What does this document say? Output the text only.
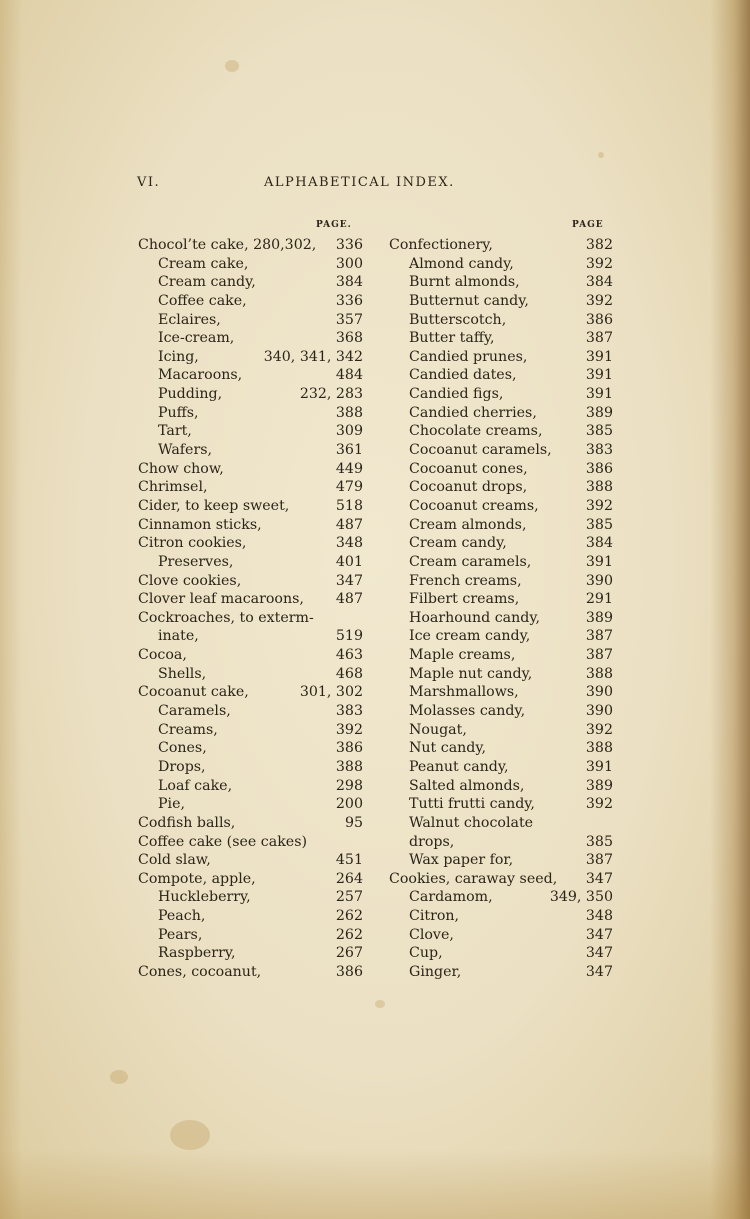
VI.	ALPHABETICAL INDEX.
PAGE.	PAGE
Chocol’te cake, 280,302, 336
Cream cake,	300
Cream candy,	384
Coffee cake,	336
Eclaires,	357
Ice-cream,	368
Icing,	340, 341, 342
Macaroons,	484
Pudding,	232, 283
Puffs,	388
Tart,	309
Wafers,	361
Chow chow,	449
Chrimsel,	479
Cider, to keep sweet,	518
Cinnamon sticks,	487
Citron cookies,	348
Preserves,	401
Clove cookies,	347
Clover leaf macaroons, 487
Cockroaches, to exterm-
inate,	519
Cocoa,	463
Shells,	468
Cocoanut cake,	301, 302
Caramels,	383
Creams,	392
Cones,	386
Drops,	388
Loaf cake,	298
Pie,	200
Codfish balls,	95
Coffee cake (see cakes)
Cold slaw,	451
Compote, apple,	264
Huckleberry,	257
Peach,	262
Pears,	262
Raspberry,	267
Cones, cocoanut,	386
Confectionery,	382
Almond candy,	392
Burnt almonds,	384
Butternut candy,	392
Butterscotch,	386
Butter taffy,	387
Candied prunes,	391
Candied dates,	391
Candied figs,	391
Candied cherries,	389
Chocolate creams,	385
Cocoanut caramels, 383
Cocoanut cones,	386
Cocoanut drops,	388
Cocoanut creams,	392
Cream almonds,	385
Cream candy,	384
Cream caramels,	391
French creams,	390
Filbert creams,	291
Hoarhound candy,	389
Ice cream candy,	387
Maple creams,	387
Maple nut candy,	388
Marshmallows,	390
Molasses candy,	390
Nougat,	392
Nut candy,	388
Peanut candy,	391
Salted almonds,	389
Tutti frutti candy,	392
Walnut chocolate
drops,	385
Wax paper for,	387
Cookies, caraway seed, 347
Cardamom,	349, 350
Citron,	348
Clove,	347
Cup,	347
Ginger,	347
